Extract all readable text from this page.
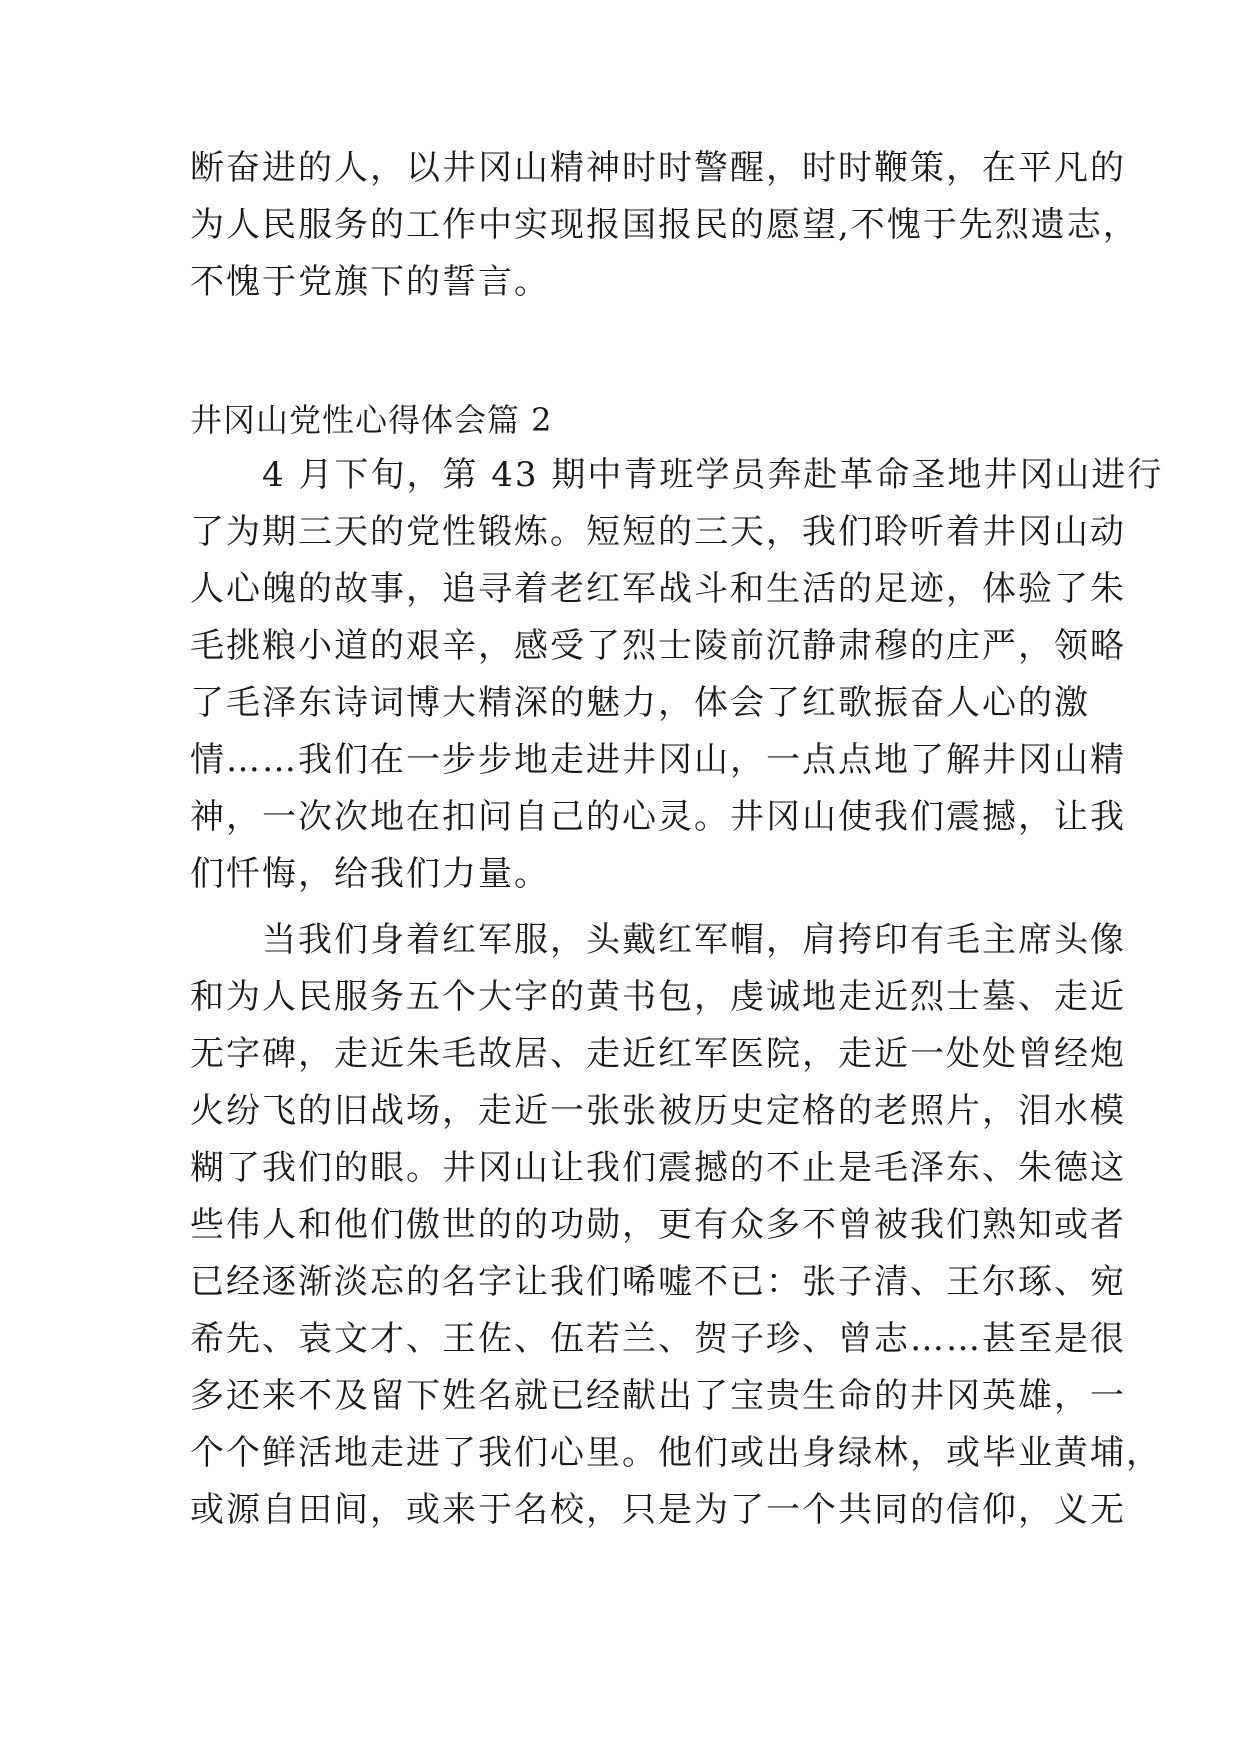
断奋进的人，以井冈山精神时时警醒，时时鞭策，在平凡的
为人民服务的工作中实现报国报民的愿望,不愧于先烈遗志，
不愧于党旗下的誓言。
井冈山党性心得体会篇 2
　　4 月下旬，第 43 期中青班学员奔赴革命圣地井冈山进行
了为期三天的党性锻炼。短短的三天，我们聆听着井冈山动
人心魄的故事，追寻着老红军战斗和生活的足迹，体验了朱
毛挑粮小道的艰辛，感受了烈士陵前沉静肃穆的庄严，领略
了毛泽东诗词博大精深的魅力，体会了红歌振奋人心的激
情……我们在一步步地走进井冈山，一点点地了解井冈山精
神，一次次地在扣问自己的心灵。井冈山使我们震撼，让我
们忏悔，给我们力量。
　　当我们身着红军服，头戴红军帽，肩挎印有毛主席头像
和为人民服务五个大字的黄书包，虔诚地走近烈士墓、走近
无字碑，走近朱毛故居、走近红军医院，走近一处处曾经炮
火纷飞的旧战场，走近一张张被历史定格的老照片，泪水模
糊了我们的眼。井冈山让我们震撼的不止是毛泽东、朱德这
些伟人和他们傲世的的功勋，更有众多不曾被我们熟知或者
已经逐渐淡忘的名字让我们唏嘘不已：张子清、王尔琢、宛
希先、袁文才、王佐、伍若兰、贺子珍、曾志……甚至是很
多还来不及留下姓名就已经献出了宝贵生命的井冈英雄，一
个个鲜活地走进了我们心里。他们或出身绿林，或毕业黄埔，
或源自田间，或来于名校，只是为了一个共同的信仰，义无
